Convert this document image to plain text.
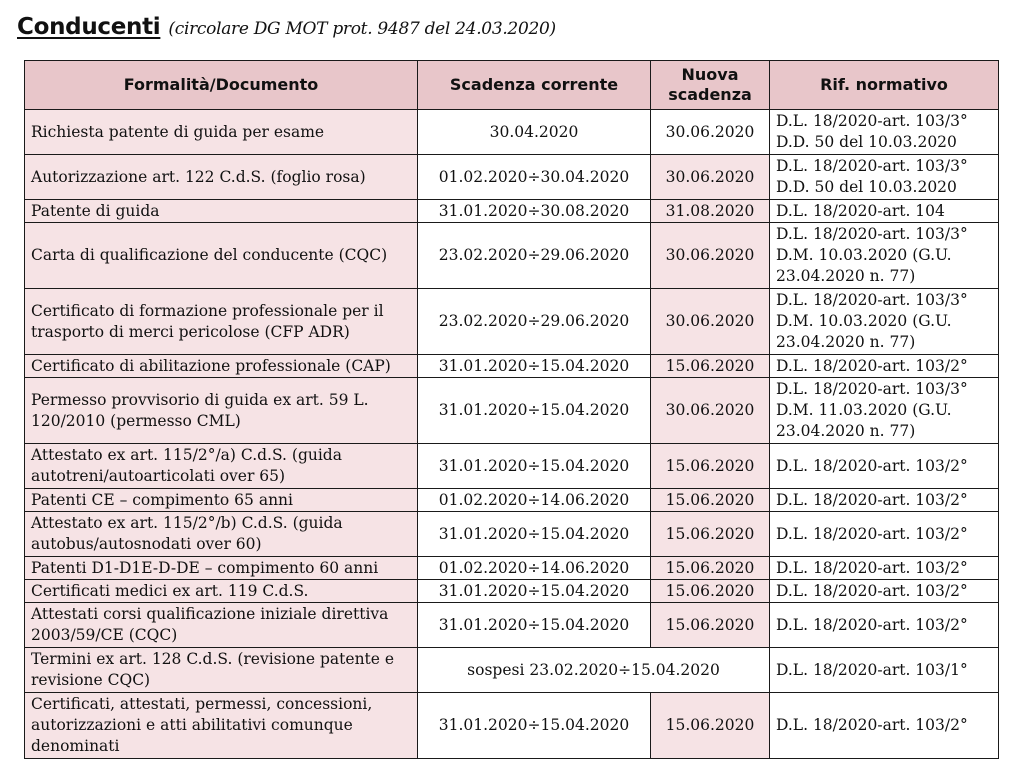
Conducenti (circolare DG MOT prot. 9487 del 24.03.2020)
Formalità/Documento	Scadenza corrente	Nuova
scadenza	Rif. normativo
Richiesta patente di guida per esame	30.04.2020	30.06.2020	D.L. 18/2020-art. 103/3°
D.D. 50 del 10.03.2020
Autorizzazione art. 122 C.d.S. (foglio rosa)	01.02.2020÷30.04.2020	30.06.2020	D.L. 18/2020-art. 103/3°
D.D. 50 del 10.03.2020
Patente di guida	31.01.2020÷30.08.2020	31.08.2020	D.L. 18/2020-art. 104
Carta di qualificazione del conducente (CQC)	23.02.2020÷29.06.2020	30.06.2020	D.L. 18/2020-art. 103/3°
D.M. 10.03.2020 (G.U.
23.04.2020 n. 77)
Certificato di formazione professionale per il
trasporto di merci pericolose (CFP ADR)	23.02.2020÷29.06.2020	30.06.2020	D.L. 18/2020-art. 103/3°
D.M. 10.03.2020 (G.U.
23.04.2020 n. 77)
Certificato di abilitazione professionale (CAP)	31.01.2020÷15.04.2020	15.06.2020	D.L. 18/2020-art. 103/2°
Permesso provvisorio di guida ex art. 59 L.
120/2010 (permesso CML)	31.01.2020÷15.04.2020	30.06.2020	D.L. 18/2020-art. 103/3°
D.M. 11.03.2020 (G.U.
23.04.2020 n. 77)
Attestato ex art. 115/2°/a) C.d.S. (guida
autotreni/autoarticolati over 65)	31.01.2020÷15.04.2020	15.06.2020	D.L. 18/2020-art. 103/2°
Patenti CE – compimento 65 anni	01.02.2020÷14.06.2020	15.06.2020	D.L. 18/2020-art. 103/2°
Attestato ex art. 115/2°/b) C.d.S. (guida
autobus/autosnodati over 60)	31.01.2020÷15.04.2020	15.06.2020	D.L. 18/2020-art. 103/2°
Patenti D1-D1E-D-DE – compimento 60 anni	01.02.2020÷14.06.2020	15.06.2020	D.L. 18/2020-art. 103/2°
Certificati medici ex art. 119 C.d.S.	31.01.2020÷15.04.2020	15.06.2020	D.L. 18/2020-art. 103/2°
Attestati corsi qualificazione iniziale direttiva
2003/59/CE (CQC)	31.01.2020÷15.04.2020	15.06.2020	D.L. 18/2020-art. 103/2°
Termini ex art. 128 C.d.S. (revisione patente e
revisione CQC)	sospesi 23.02.2020÷15.04.2020		D.L. 18/2020-art. 103/1°
Certificati, attestati, permessi, concessioni,
autorizzazioni e atti abilitativi comunque
denominati	31.01.2020÷15.04.2020	15.06.2020	D.L. 18/2020-art. 103/2°
